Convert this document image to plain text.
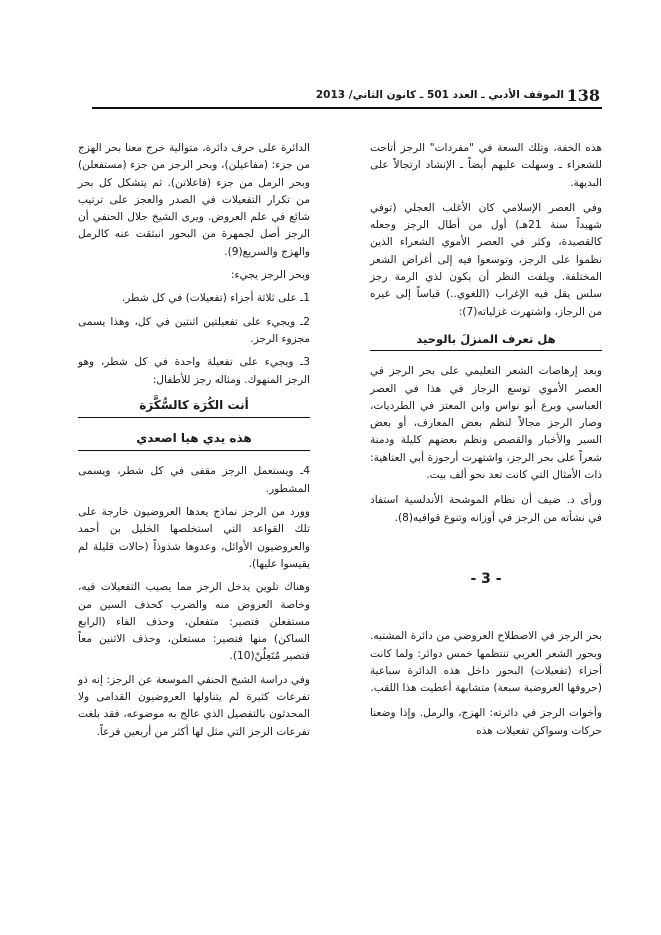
138
الموقف الأدبي ـ العدد 501 ـ كانون الثاني/ 2013

هذه الخفة، وتلك السعة في "مفردات" الرجز أتاحت للشعراء ـ وسهلت عليهم أيضاً ـ الإنشاد ارتجالاً على البديهة.

وفي العصر الإسلامي كان الأغلب العجلي (توفي شهيداً سنة 21هـ) أول من أطال الرجز وجعله كالقصيدة، وكثر في العصر الأموي الشعراء الذين نظموا على الرجز، وتوسعوا فيه إلى أغراض الشعر المختلفة. ويلفت النظر أن يكون لذي الرمة رجز سلس يقل فيه الإغراب (اللغوي..) قياساً إلى غيره من الرجاز، واشتهرت غزلياته(7):

هل تعرف المنزلَ بالوحيد

وبعد إرهاصات الشعر التعليمي على بحر الرجز في العصر الأموي توسع الرجاز في هذا في العصر العباسي وبرع أبو نواس وابن المعتز في الطرديات، وصار الرجز مجالاً لنظم بعض المعارف، أو بعض السير والأخبار والقصص ونظم بعضهم كليلة ودمنة شعراً على بحر الرجز، واشتهرت أرجوزة أبي العتاهية: ذات الأمثال التي كانت تعد نحو ألف بيت.

ورأى د. ضيف أن نظام الموشحة الأندلسية استفاد في نشأته من الرجز في أوزانه وتنوع قوافيه(8).

- 3 -

بحر الرجز في الاصطلاح العروضي من دائرة المشتبه. وبحور الشعر العربي تنتظمها خمس دوائر: ولما كانت أجزاء (تفعيلات) البحور داخل هذه الدائرة سباعية (حروفها العروضية سبعة) متشابهة أعطيت هذا اللقب.

وأخوات الرجز في دائرته: الهزج، والرمل. وإذا وضعنا حركات وسواكن تفعيلات هذه

الدائرة على حرف دائرة، متوالية خرج معنا بحر الهزج من جزء: (مفاعيلن)، وبحر الرجز من جزء (مستفعلن) وبحر الرمل من جزء (فاعلاتن). ثم يتشكل كل بحر من تكرار التفعيلات في الصدر والعجز على ترتيب شائع في علم العروض. ويرى الشيخ جلال الحنفي أن الرجز أصل لجمهرة من البحور انبثقت عنه كالرمل والهزج والسريع(9).

وبحر الرجز يجيء:

1ـ على ثلاثة أجزاء (تفعيلات) في كل شطر.

2ـ ويجيء على تفعيلتين اثنتين في كل، وهذا يسمى مجزوء الرجز.

3ـ ويجيء على تفعيلة واحدة في كل شطر، وهو الرجز المنهوك. ومثاله رجز للأطفال:

أنت الكُرَة كالسُّكَّرَة
هذه يدي هيا اصعدي

4ـ ويستعمل الرجز مقفى في كل شطر، ويسمى المشطور.

وورد من الرجز نماذج يعدها العروضيون خارجة على تلك القواعد التي استخلصها الخليل بن أحمد والعروضيون الأوائل، وعدوها شذوذاً (حالات قليلة لم يقيسوا عليها).

وهناك تلوين يدخل الرجز مما يصيب التفعيلات فيه، وخاصة العروض منه والضرب كحذف السين من مستفعلن فتصير: متفعلن، وحذف الفاء (الرابع الساكن) منها فتصير: مستعلن، وحذف الاثنين معاً فتصير مُتَعِلُنْ(10).

وفي دراسة الشيخ الحنفي الموسعة عن الرجز: إنه ذو تفرعات كثيرة لم يتناولها العروضيون القدامى ولا المحدثون بالتفصيل الذي عالج به موضوعه، فقد بلغت تفرعات الرجز التي مثل لها أكثر من أربعين فرعاً.
